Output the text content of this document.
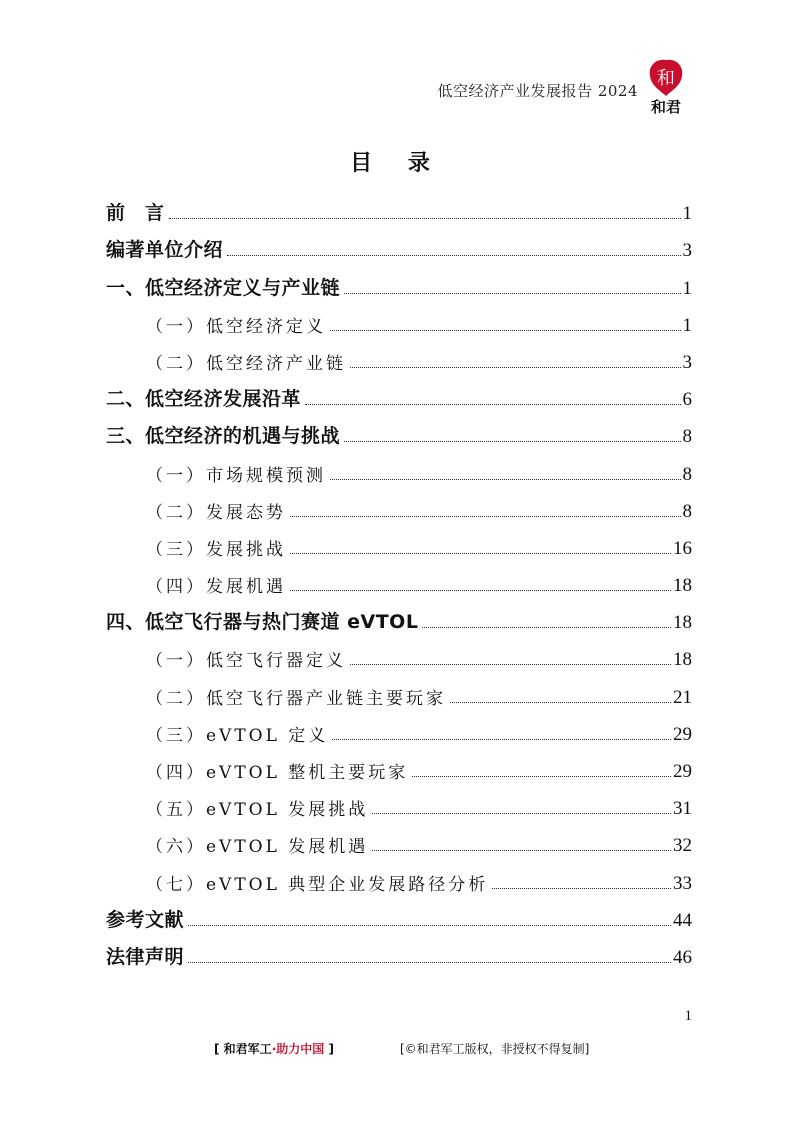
低空经济产业发展报告 2024
和
和君
目 录
前　言	1
编著单位介绍	3
一、低空经济定义与产业链	1
（一）低空经济定义	1
（二）低空经济产业链	3
二、低空经济发展沿革	6
三、低空经济的机遇与挑战	8
（一）市场规模预测	8
（二）发展态势	8
（三）发展挑战	16
（四）发展机遇	18
四、低空飞行器与热门赛道 eVTOL	18
（一）低空飞行器定义	18
（二）低空飞行器产业链主要玩家	21
（三）eVTOL 定义	29
（四）eVTOL 整机主要玩家	29
（五）eVTOL 发展挑战	31
（六）eVTOL 发展机遇	32
（七）eVTOL 典型企业发展路径分析	33
参考文献	44
法律声明	46
1
[ 和君军工·助力中国 ]	[©和君军工版权，非授权不得复制]
